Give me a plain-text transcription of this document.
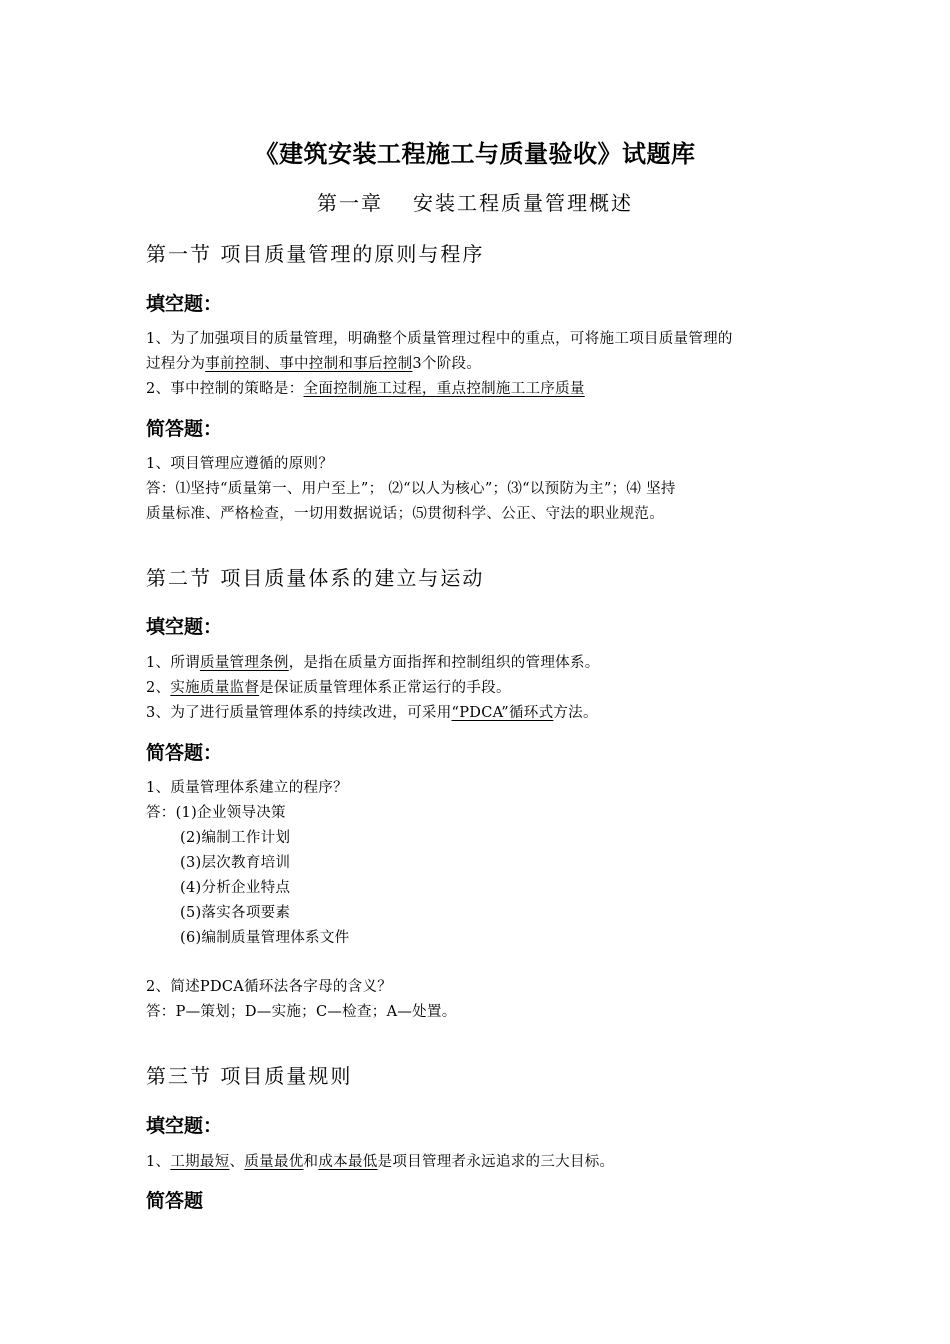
《建筑安装工程施工与质量验收》试题库
第一章 安装工程质量管理概述
第一节 项目质量管理的原则与程序
填空题：
1、为了加强项目的质量管理，明确整个质量管理过程中的重点，可将施工项目质量管理的
过程分为事前控制、事中控制和事后控制3个阶段。
2、事中控制的策略是：全面控制施工过程，重点控制施工工序质量
简答题：
1、项目管理应遵循的原则？
答：⑴坚持“质量第一、用户至上”； ⑵“以人为核心”；⑶“以预防为主”；⑷ 坚持
质量标准、严格检查，一切用数据说话；⑸贯彻科学、公正、守法的职业规范。
第二节 项目质量体系的建立与运动
填空题：
1、所谓质量管理条例，是指在质量方面指挥和控制组织的管理体系。
2、实施质量监督是保证质量管理体系正常运行的手段。
3、为了进行质量管理体系的持续改进，可采用“PDCA”循环式方法。
简答题：
1、质量管理体系建立的程序？
答：(1)企业领导决策
(2)编制工作计划
(3)层次教育培训
(4)分析企业特点
(5)落实各项要素
(6)编制质量管理体系文件
2、简述PDCA循环法各字母的含义？
答：P—策划；D—实施；C—检查；A—处置。
第三节 项目质量规则
填空题：
1、工期最短、质量最优和成本最低是项目管理者永远追求的三大目标。
简答题
